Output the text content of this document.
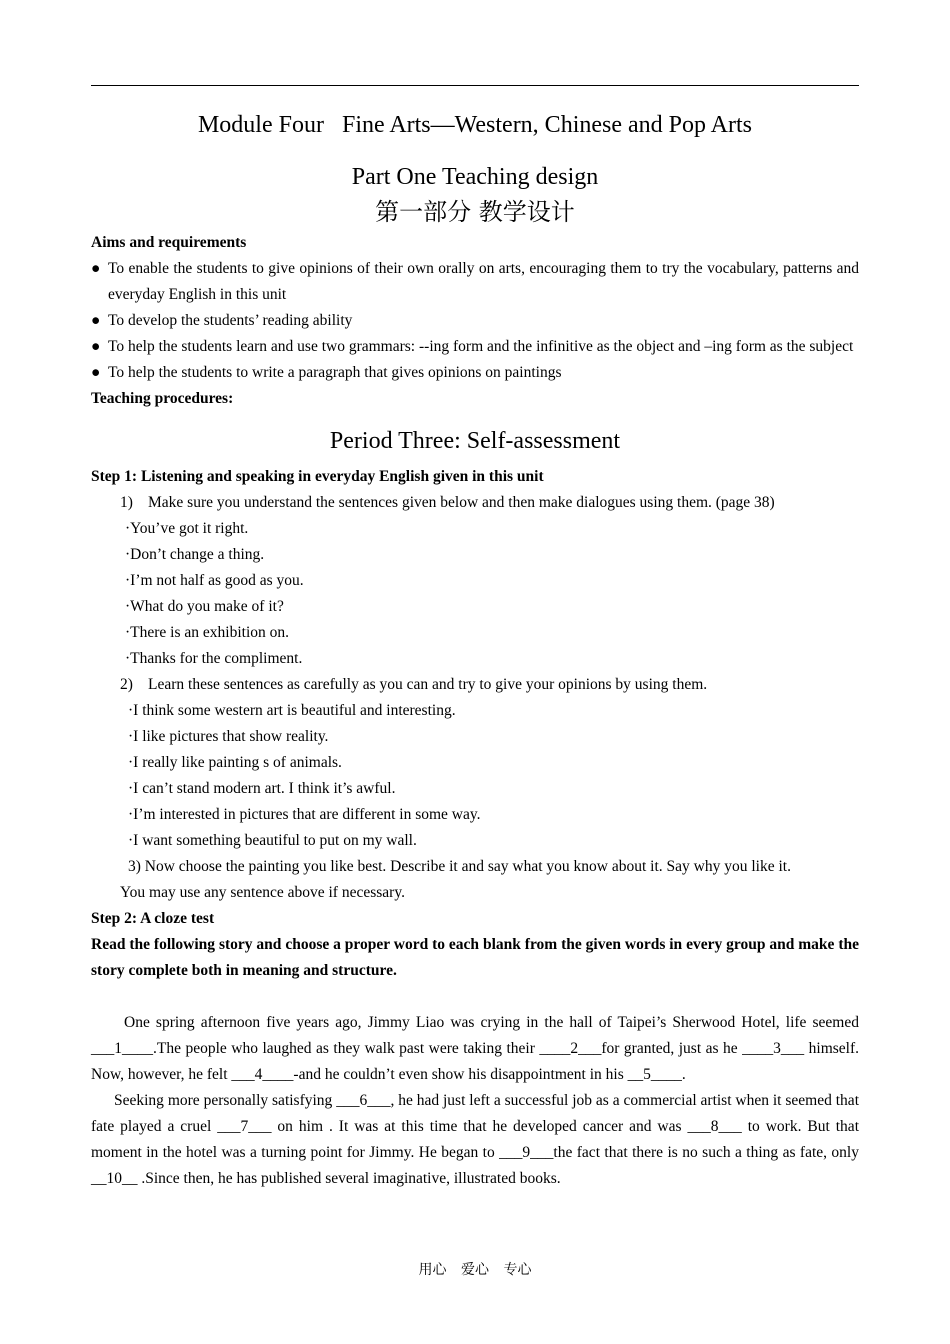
Module Four   Fine Arts—Western, Chinese and Pop Arts

Part One Teaching design

第一部分 教学设计

Aims and requirements

● To enable the students to give opinions of their own orally on arts, encouraging them to try the vocabulary, patterns and everyday English in this unit
● To develop the students’ reading ability
● To help the students learn and use two grammars: --ing form and the infinitive as the object and –ing form as the subject
● To help the students to write a paragraph that gives opinions on paintings

Teaching procedures:

Period Three: Self-assessment

Step 1: Listening and speaking in everyday English given in this unit

1) Make sure you understand the sentences given below and then make dialogues using them. (page 38)

·You’ve got it right.

·Don’t change a thing.

·I’m not half as good as you.

·What do you make of it?

·There is an exhibition on.

·Thanks for the compliment.

2) Learn these sentences as carefully as you can and try to give your opinions by using them.

·I think some western art is beautiful and interesting.

·I like pictures that show reality.

·I really like painting s of animals.

·I can’t stand modern art. I think it’s awful.

·I’m interested in pictures that are different in some way.

·I want something beautiful to put on my wall.

3) Now choose the painting you like best. Describe it and say what you know about it. Say why you like it.

You may use any sentence above if necessary.

Step 2: A cloze test

Read the following story and choose a proper word to each blank from the given words in every group and make the story complete both in meaning and structure.

One spring afternoon five years ago, Jimmy Liao was crying in the hall of Taipei’s Sherwood Hotel, life seemed ___1____.The people who laughed as they walk past were taking their ____2___for granted, just as he ____3___ himself. Now, however, he felt ___4____-and he couldn’t even show his disappointment in his __5____.

Seeking more personally satisfying ___6___, he had just left a successful job as a commercial artist when it seemed that fate played a cruel ___7___ on him . It was at this time that he developed cancer and was ___8___ to work. But that moment in the hotel was a turning point for Jimmy. He began to ___9___the fact that there is no such a thing as fate, only __10__ .Since then, he has published several imaginative, illustrated books.

用心 爱心 专心
